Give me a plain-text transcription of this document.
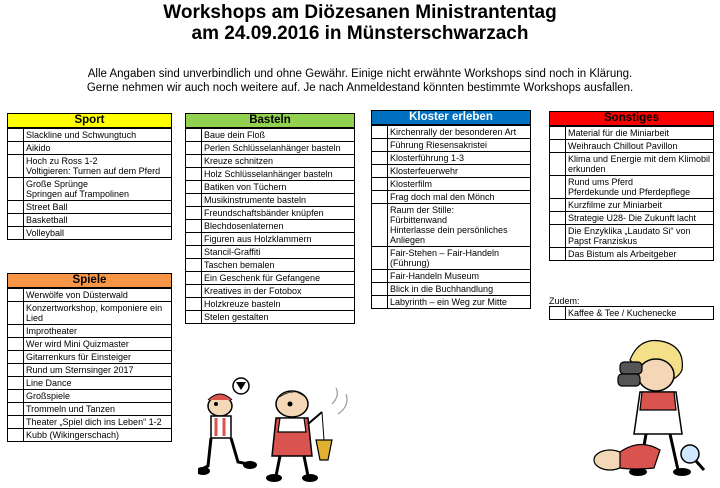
Workshops am Diözesanen Ministrantentag
am 24.09.2016 in Münsterschwarzach
Alle Angaben sind unverbindlich und ohne Gewähr. Einige nicht erwähnte Workshops sind noch in Klärung.
Gerne nehmen wir auch noch weitere auf. Je nach Anmeldestand könnten bestimmte Workshops ausfallen.
Sport
	Slackline und Schwungtuch
	Aikido
	Hoch zu Ross 1-2
Voltigieren: Turnen auf dem Pferd
	Große Sprünge
Springen auf Trampolinen
	Street Ball
	Basketball
	Volleyball
Spiele
	Werwölfe von Düsterwald
	Konzertworkshop, komponiere ein Lied
	Improtheater
	Wer wird Mini Quizmaster
	Gitarrenkurs für Einsteiger
	Rund um Sternsinger 2017
	Line Dance
	Großspiele
	Trommeln und Tanzen
	Theater „Spiel dich ins Leben“ 1-2
	Kubb (Wikingerschach)
Basteln
	Baue dein Floß
	Perlen Schlüsselanhänger basteln
	Kreuze schnitzen
	Holz Schlüsselanhänger basteln
	Batiken von Tüchern
	Musikinstrumente basteln
	Freundschaftsbänder knüpfen
	Blechdosenlaternen
	Figuren aus Holzklammern
	Stancil-Graffiti
	Taschen bemalen
	Ein Geschenk für Gefangene
	Kreatives in der Fotobox
	Holzkreuze basteln
	Stelen gestalten
Kloster erleben
	Kirchenrally der besonderen Art
	Führung Riesensakristei
	Klosterführung 1-3
	Klosterfeuerwehr
	Klosterfilm
	Frag doch mal den Mönch
	Raum der Stille:
Fürbittenwand
Hinterlasse dein persönliches Anliegen
	Fair-Stehen – Fair-Handeln (Führung)
	Fair-Handeln Museum
	Blick in die Buchhandlung
	Labyrinth – ein Weg zur Mitte
Sonstiges
	Material für die Miniarbeit
	Weihrauch Chillout Pavillon
	Klima und Energie mit dem Klimobil erkunden
	Rund ums Pferd
Pferdekunde und Pferdepflege
	Kurzfilme zur Miniarbeit
	Strategie U28- Die Zukunft lacht
	Die Enzyklika „Laudato Si“ von Papst Franziskus
	Das Bistum als Arbeitgeber
Zudem:
	Kaffee & Tee / Kuchenecke
